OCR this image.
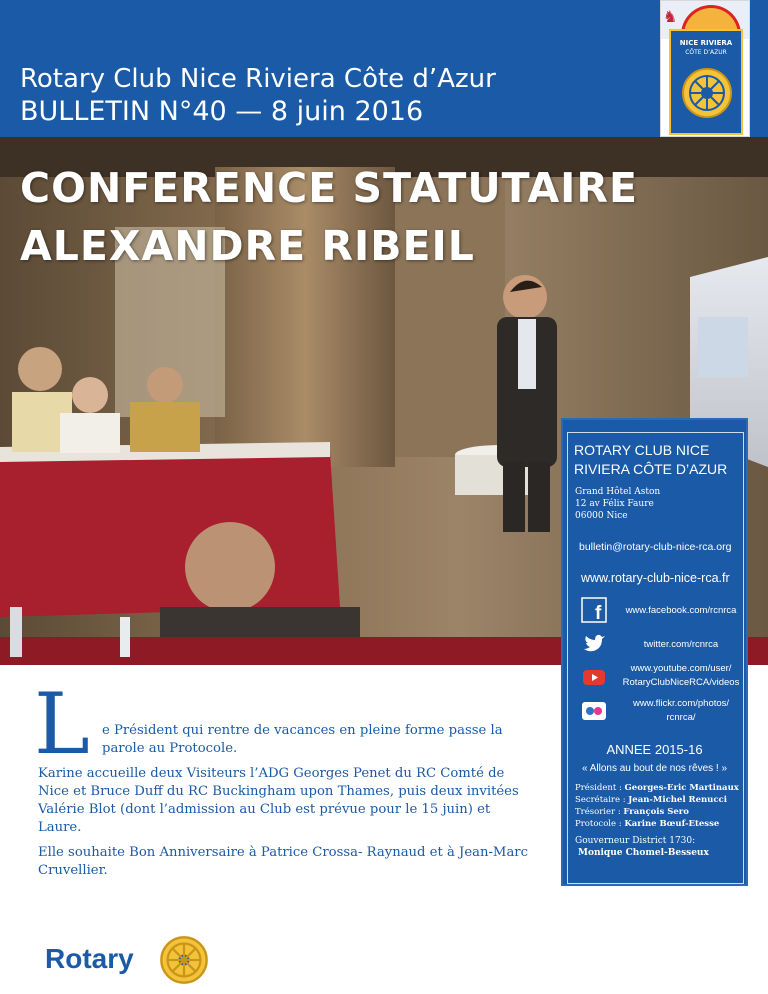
Rotary Club Nice Riviera Côte d’Azur
BULLETIN N°40 — 8 juin 2016
♞
NICE RIVIERA
CÔTE D’AZUR
CONFERENCE STATUTAIRE
ALEXANDRE RIBEIL
ROTARY CLUB NICE RIVIERA CÔTE D’AZUR
Grand Hôtel Aston
12 av Félix Faure
06000 Nice
bulletin@rotary-club-nice-rca.org
www.rotary-club-nice-rca.fr
f	www.facebook.com/rcnrca
twitter.com/rcnrca
www.youtube.com/user/
RotaryClubNiceRCA/videos
www.flickr.com/photos/
rcnrca/
ANNEE 2015-16
« Allons au bout de nos rêves ! »
Président : Georges-Eric Martinaux
Secrétaire : Jean-Michel Renucci
Trésorier : François Sero
Protocole : Karine Bœuf-Etesse
Gouverneur District 1730:
Monique Chomel-Besseux
L e Président qui rentre de vacances en pleine forme passe la
parole au Protocole.
Karine accueille deux Visiteurs l’ADG Georges Penet du RC Comté de
Nice et Bruce Duff du RC Buckingham upon Thames, puis deux invitées
Valérie Blot (dont l’admission au Club est prévue pour le 15 juin) et
Laure.
Elle souhaite Bon Anniversaire à Patrice Crossa- Raynaud et à Jean-Marc
Cruvellier.
Rotary
